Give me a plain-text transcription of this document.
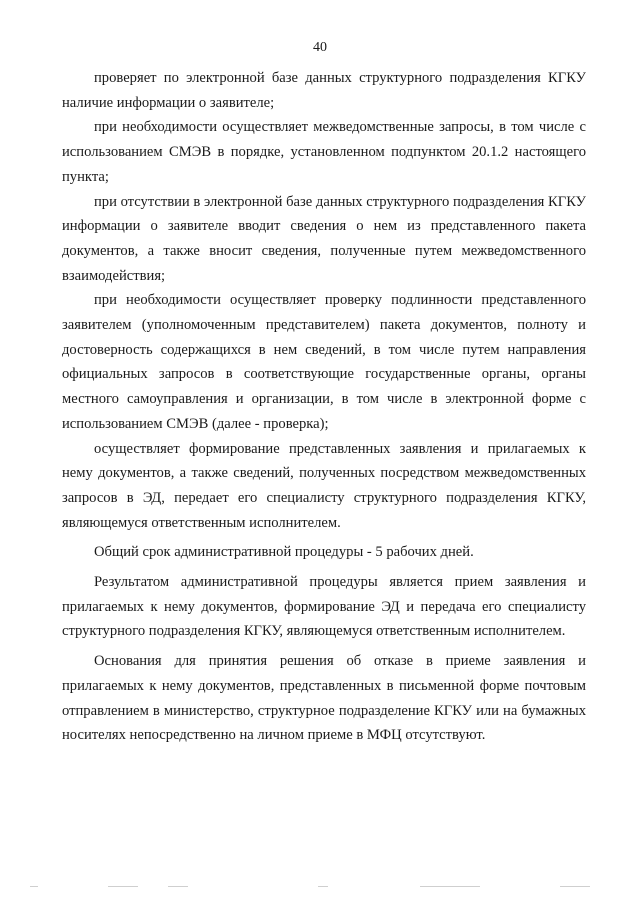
40

проверяет по электронной базе данных структурного подразделения КГКУ наличие информации о заявителе;

при необходимости осуществляет межведомственные запросы, в том числе с использованием СМЭВ в порядке, установленном подпунктом 20.1.2 настоящего пункта;

при отсутствии в электронной базе данных структурного подразделения КГКУ информации о заявителе вводит сведения о нем из представленного пакета документов, а также вносит сведения, полученные путем межведомственного взаимодействия;

при необходимости осуществляет проверку подлинности представленного заявителем (уполномоченным представителем) пакета документов, полноту и достоверность содержащихся в нем сведений, в том числе путем направления официальных запросов в соответствующие государственные органы, органы местного самоуправления и организации, в том числе в электронной форме с использованием СМЭВ (далее - проверка);

осуществляет формирование представленных заявления и прилагаемых к нему документов, а также сведений, полученных посредством межведомственных запросов в ЭД, передает его специалисту структурного подразделения КГКУ, являющемуся ответственным исполнителем.

Общий срок административной процедуры - 5 рабочих дней.

Результатом административной процедуры является прием заявления и прилагаемых к нему документов, формирование ЭД и передача его специалисту структурного подразделения КГКУ, являющемуся ответственным исполнителем.

Основания для принятия решения об отказе в приеме заявления и прилагаемых к нему документов, представленных в письменной форме почтовым отправлением в министерство, структурное подразделение КГКУ или на бумажных носителях непосредственно на личном приеме в МФЦ отсутствуют.
